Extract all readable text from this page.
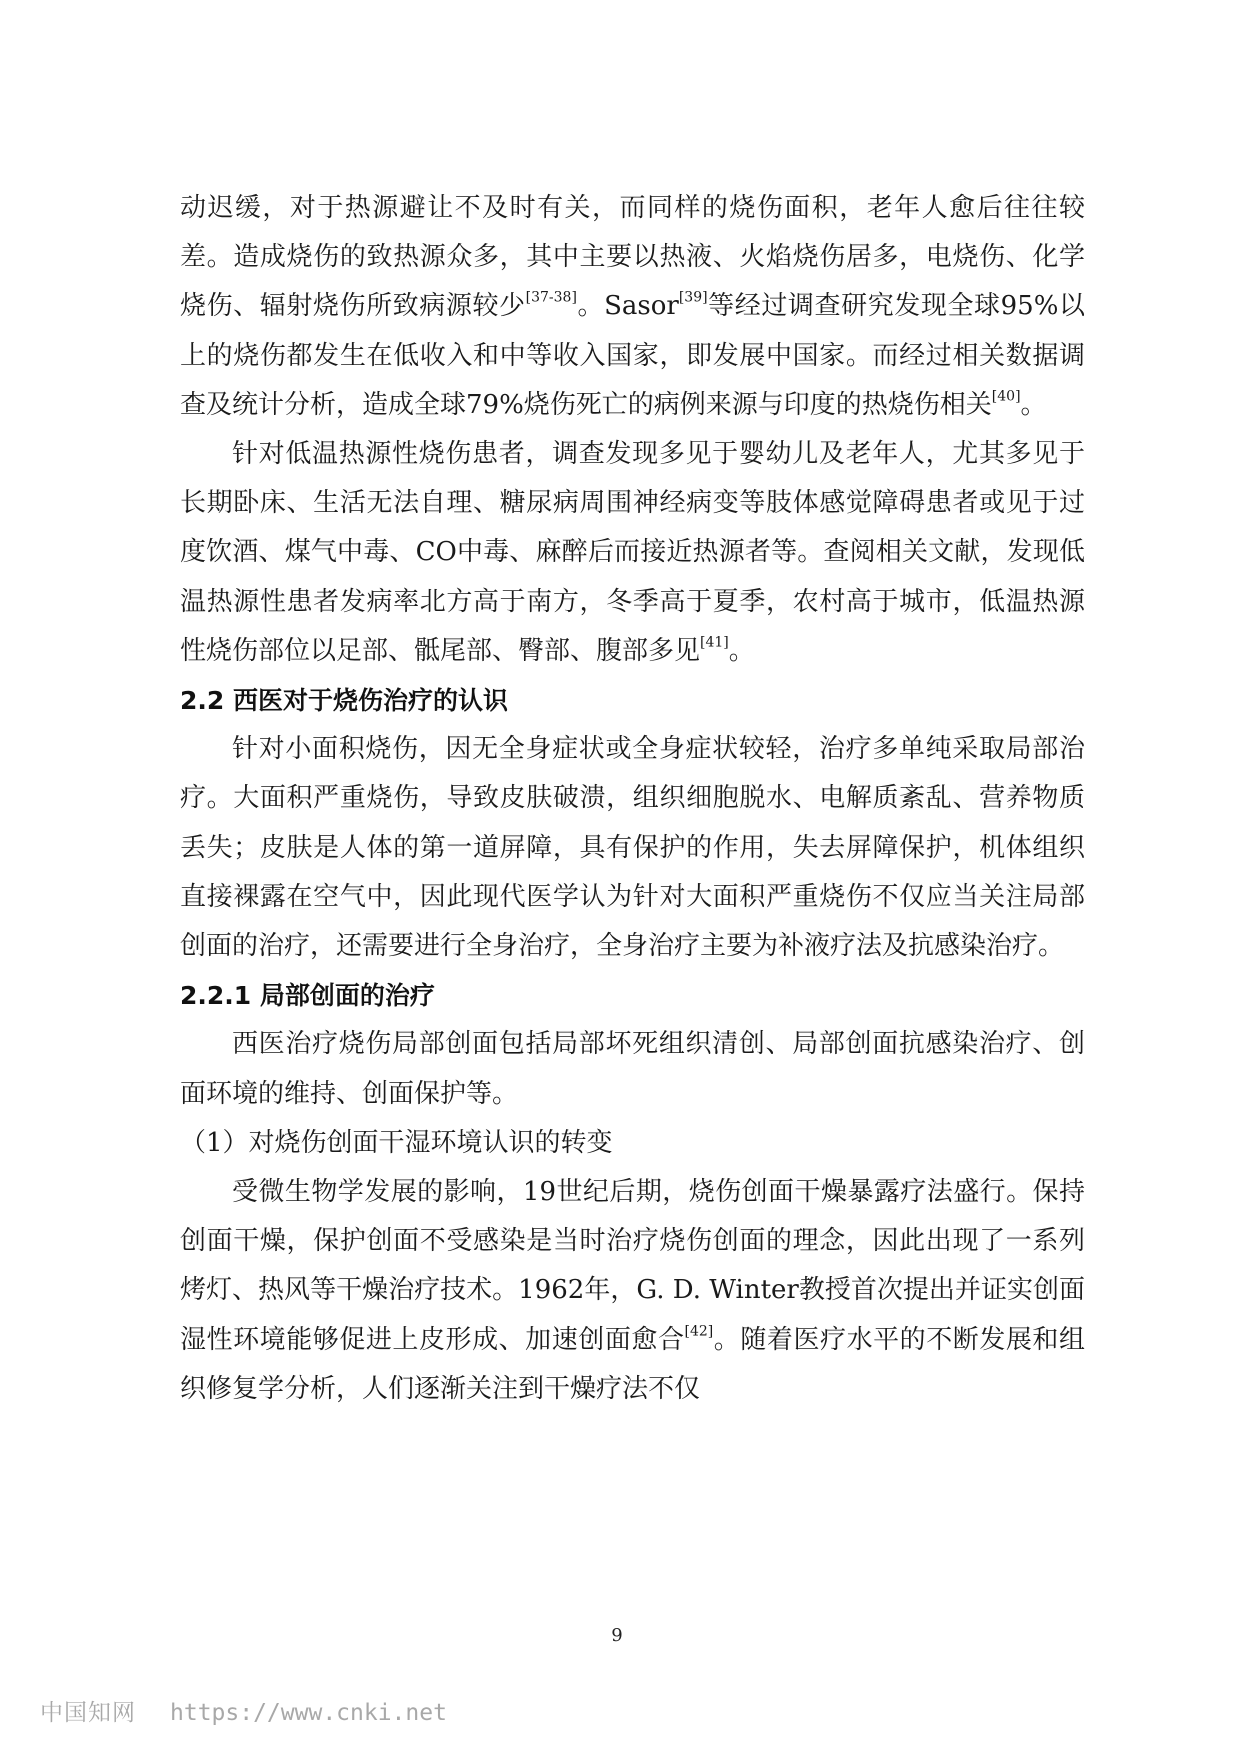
动迟缓，对于热源避让不及时有关，而同样的烧伤面积，老年人愈后往往较差。造成烧伤的致热源众多，其中主要以热液、火焰烧伤居多，电烧伤、化学烧伤、辐射烧伤所致病源较少[37-38]。Sasor[39]等经过调查研究发现全球95%以上的烧伤都发生在低收入和中等收入国家，即发展中国家。而经过相关数据调查及统计分析，造成全球79%烧伤死亡的病例来源与印度的热烧伤相关[40]。

针对低温热源性烧伤患者，调查发现多见于婴幼儿及老年人，尤其多见于长期卧床、生活无法自理、糖尿病周围神经病变等肢体感觉障碍患者或见于过度饮酒、煤气中毒、CO中毒、麻醉后而接近热源者等。查阅相关文献，发现低温热源性患者发病率北方高于南方，冬季高于夏季，农村高于城市，低温热源性烧伤部位以足部、骶尾部、臀部、腹部多见[41]。

2.2 西医对于烧伤治疗的认识

针对小面积烧伤，因无全身症状或全身症状较轻，治疗多单纯采取局部治疗。大面积严重烧伤，导致皮肤破溃，组织细胞脱水、电解质紊乱、营养物质丢失；皮肤是人体的第一道屏障，具有保护的作用，失去屏障保护，机体组织直接裸露在空气中，因此现代医学认为针对大面积严重烧伤不仅应当关注局部创面的治疗，还需要进行全身治疗，全身治疗主要为补液疗法及抗感染治疗。

2.2.1 局部创面的治疗

西医治疗烧伤局部创面包括局部坏死组织清创、局部创面抗感染治疗、创面环境的维持、创面保护等。

（1）对烧伤创面干湿环境认识的转变

受微生物学发展的影响，19世纪后期，烧伤创面干燥暴露疗法盛行。保持创面干燥，保护创面不受感染是当时治疗烧伤创面的理念，因此出现了一系列烤灯、热风等干燥治疗技术。1962年，G. D. Winter教授首次提出并证实创面湿性环境能够促进上皮形成、加速创面愈合[42]。随着医疗水平的不断发展和组织修复学分析，人们逐渐关注到干燥疗法不仅

9
中国知网 https://www.cnki.net
